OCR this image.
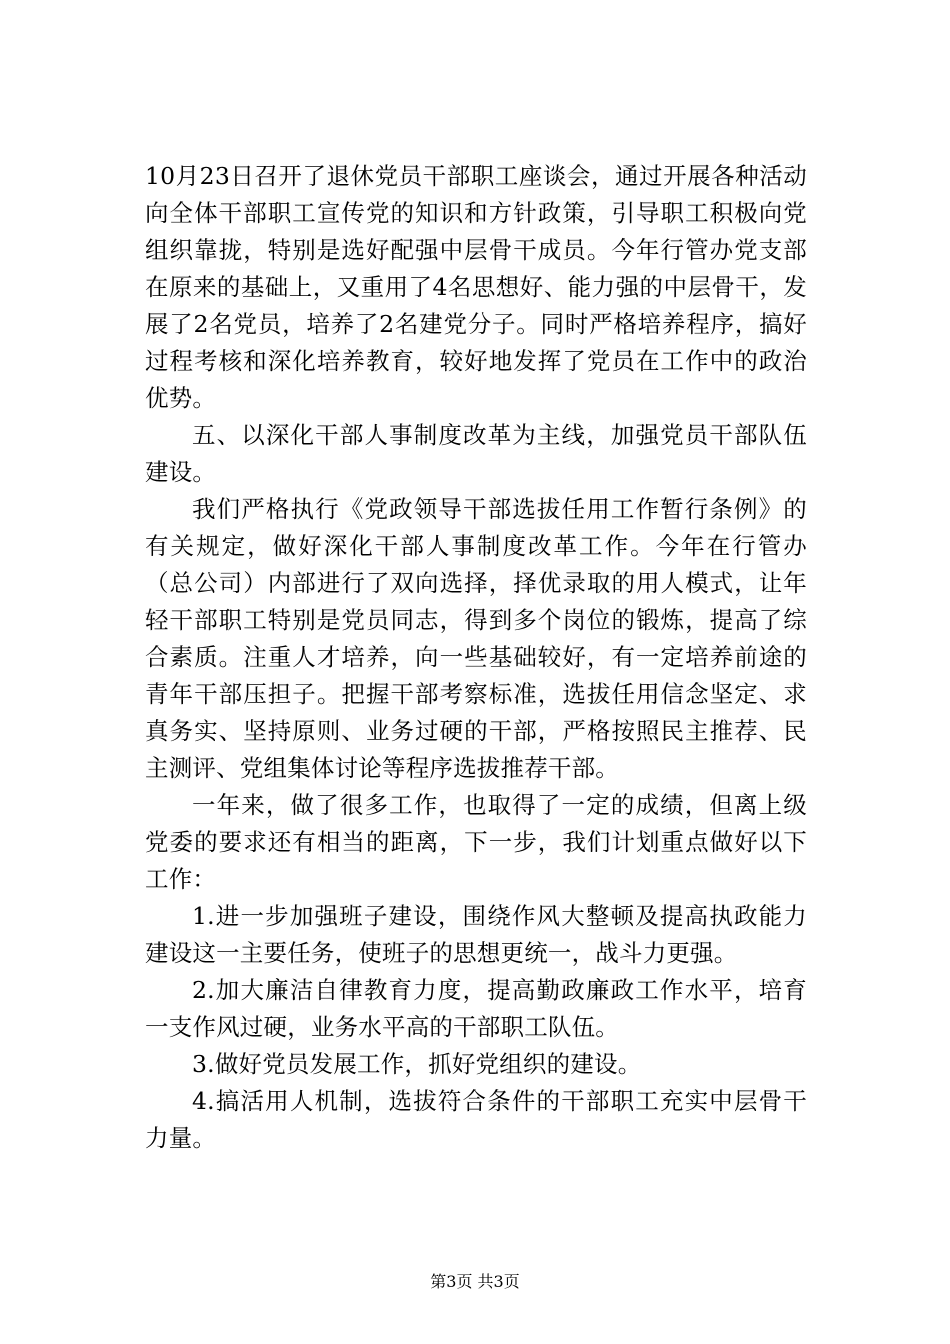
10月23日召开了退休党员干部职工座谈会，通过开展各种活动向全体干部职工宣传党的知识和方针政策，引导职工积极向党组织靠拢，特别是选好配强中层骨干成员。今年行管办党支部在原来的基础上，又重用了4名思想好、能力强的中层骨干，发展了2名党员，培养了2名建党分子。同时严格培养程序，搞好过程考核和深化培养教育，较好地发挥了党员在工作中的政治优势。

五、以深化干部人事制度改革为主线，加强党员干部队伍建设。

我们严格执行《党政领导干部选拔任用工作暂行条例》的有关规定，做好深化干部人事制度改革工作。今年在行管办（总公司）内部进行了双向选择，择优录取的用人模式，让年轻干部职工特别是党员同志，得到多个岗位的锻炼，提高了综合素质。注重人才培养，向一些基础较好，有一定培养前途的青年干部压担子。把握干部考察标准，选拔任用信念坚定、求真务实、坚持原则、业务过硬的干部，严格按照民主推荐、民主测评、党组集体讨论等程序选拔推荐干部。

一年来，做了很多工作，也取得了一定的成绩，但离上级党委的要求还有相当的距离，下一步，我们计划重点做好以下工作：

1.进一步加强班子建设，围绕作风大整顿及提高执政能力建设这一主要任务，使班子的思想更统一，战斗力更强。

2.加大廉洁自律教育力度，提高勤政廉政工作水平，培育一支作风过硬，业务水平高的干部职工队伍。

3.做好党员发展工作，抓好党组织的建设。

4.搞活用人机制，选拔符合条件的干部职工充实中层骨干力量。

第3页 共3页
